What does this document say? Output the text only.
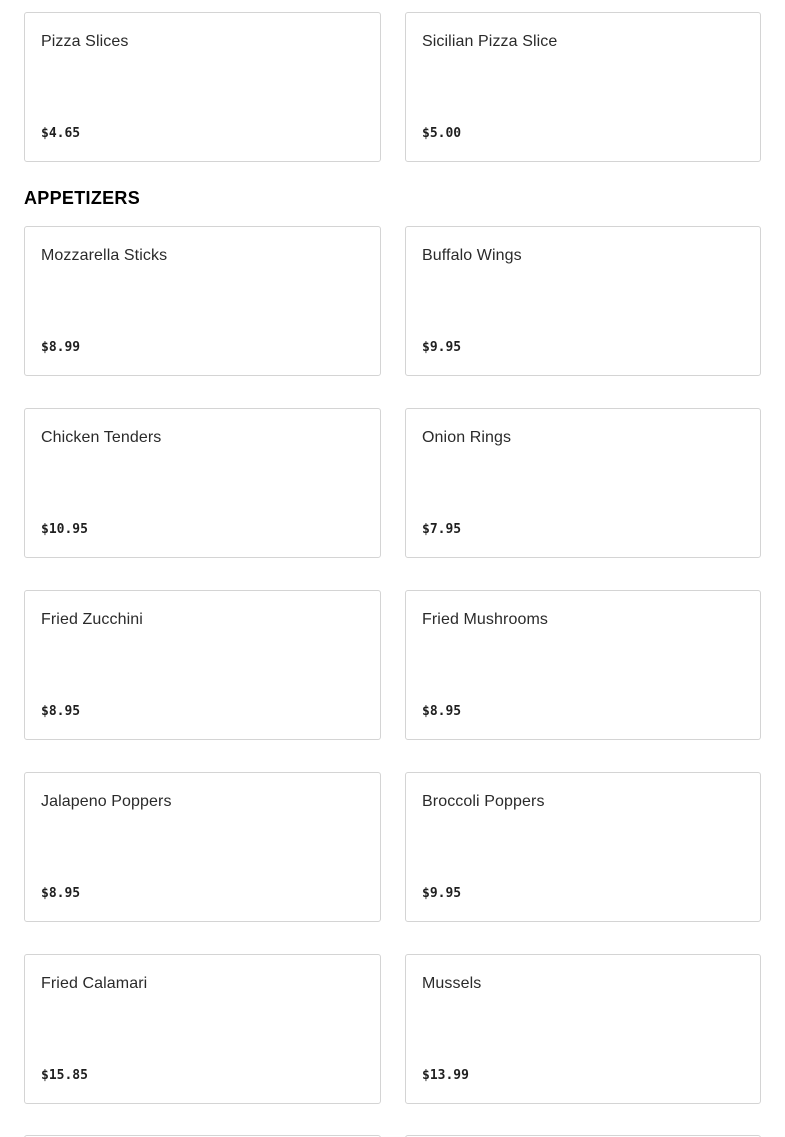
Pizza Slices
$4.65
Sicilian Pizza Slice
$5.00
APPETIZERS
Mozzarella Sticks
$8.99
Buffalo Wings
$9.95
Chicken Tenders
$10.95
Onion Rings
$7.95
Fried Zucchini
$8.95
Fried Mushrooms
$8.95
Jalapeno Poppers
$8.95
Broccoli Poppers
$9.95
Fried Calamari
$15.85
Mussels
$13.99
